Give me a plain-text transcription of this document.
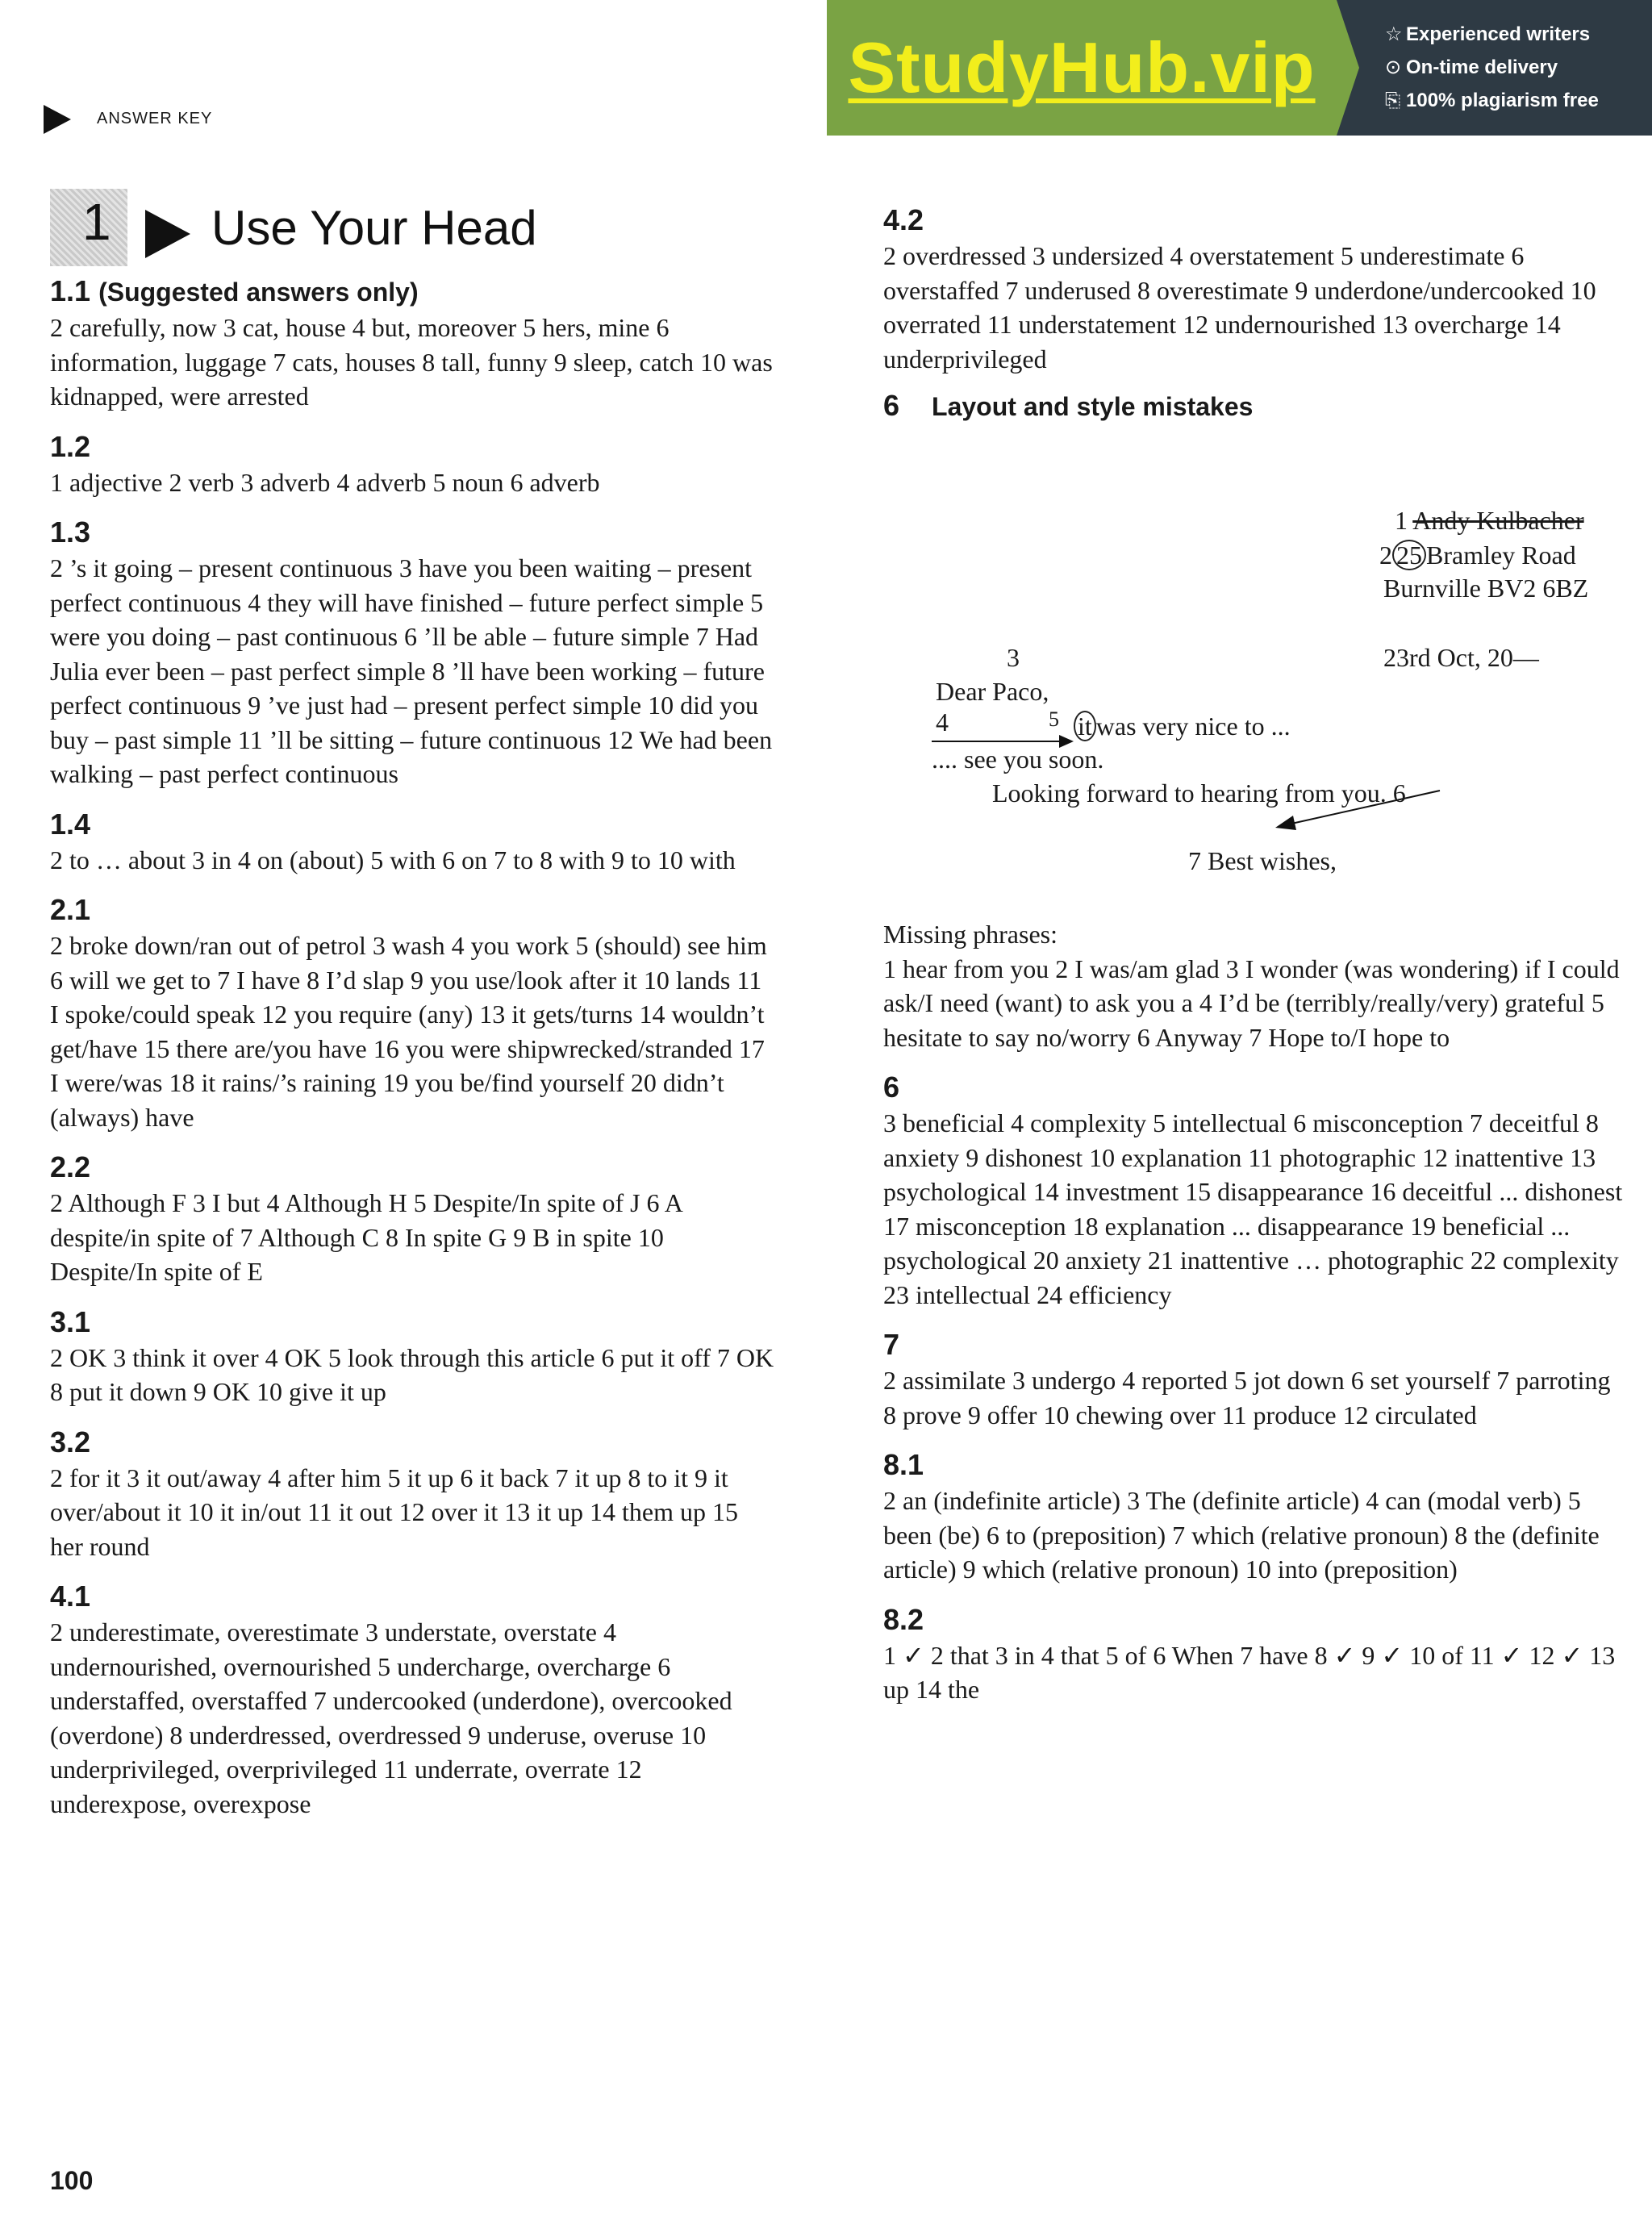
ANSWER KEY
StudyHub.vip	☆ Experienced writers
⊙ On-time delivery
⎘ 100% plagiarism free
1 Use Your Head

1.1 (Suggested answers only)

2 carefully, now 3 cat, house 4 but, moreover 5 hers, mine 6 information, luggage 7 cats, houses 8 tall, funny 9 sleep, catch 10 was kidnapped, were arrested

1.2

1 adjective 2 verb 3 adverb 4 adverb 5 noun 6 adverb

1.3

2 ’s it going – present continuous 3 have you been waiting – present perfect continuous 4 they will have finished – future perfect simple 5 were you doing – past continuous 6 ’ll be able – future simple 7 Had Julia ever been – past perfect simple 8 ’ll have been working – future perfect continuous 9 ’ve just had – present perfect simple 10 did you buy – past simple 11 ’ll be sitting – future continuous 12 We had been walking – past perfect continuous

1.4

2 to … about 3 in 4 on (about) 5 with 6 on 7 to 8 with 9 to 10 with

2.1

2 broke down/ran out of petrol 3 wash 4 you work 5 (should) see him 6 will we get to 7 I have 8 I’d slap 9 you use/look after it 10 lands 11 I spoke/could speak 12 you require (any) 13 it gets/turns 14 wouldn’t get/have 15 there are/you have 16 you were shipwrecked/stranded 17 I were/was 18 it rains/’s raining 19 you be/find yourself 20 didn’t (always) have

2.2

2 Although F 3 I but 4 Although H 5 Despite/In spite of J 6 A despite/in spite of 7 Although C 8 In spite G 9 B in spite 10 Despite/In spite of E

3.1

2 OK 3 think it over 4 OK 5 look through this article 6 put it off 7 OK 8 put it down 9 OK 10 give it up

3.2

2 for it 3 it out/away 4 after him 5 it up 6 it back 7 it up 8 to it 9 it over/about it 10 it in/out 11 it out 12 over it 13 it up 14 them up 15 her round

4.1

2 underestimate, overestimate 3 understate, overstate 4 undernourished, overnourished 5 undercharge, overcharge 6 understaffed, overstaffed 7 undercooked (underdone), overcooked (overdone) 8 underdressed, overdressed 9 underuse, overuse 10 underprivileged, overprivileged 11 underrate, overrate 12 underexpose, overexpose

4.2

2 overdressed 3 undersized 4 overstatement 5 underestimate 6 overstaffed 7 underused 8 overestimate 9 underdone/undercooked 10 overrated 11 understatement 12 undernourished 13 overcharge 14 underprivileged

6 Layout and style mistakes

1 Andy Kulbacher
2 25 Bramley Road
Burnville BV2 6BZ
3	23rd Oct, 20—
Dear Paco,
4	5 it was very nice to ...
.... see you soon.
Looking forward to hearing from you. 6
7 Best wishes,

Missing phrases:

1 hear from you 2 I was/am glad 3 I wonder (was wondering) if I could ask/I need (want) to ask you a 4 I’d be (terribly/really/very) grateful 5 hesitate to say no/worry 6 Anyway 7 Hope to/I hope to

6

3 beneficial 4 complexity 5 intellectual 6 misconception 7 deceitful 8 anxiety 9 dishonest 10 explanation 11 photographic 12 inattentive 13 psychological 14 investment 15 disappearance 16 deceitful ... dishonest 17 misconception 18 explanation ... disappearance 19 beneficial ... psychological 20 anxiety 21 inattentive … photographic 22 complexity 23 intellectual 24 efficiency

7

2 assimilate 3 undergo 4 reported 5 jot down 6 set yourself 7 parroting 8 prove 9 offer 10 chewing over 11 produce 12 circulated

8.1

2 an (indefinite article) 3 The (definite article) 4 can (modal verb) 5 been (be) 6 to (preposition) 7 which (relative pronoun) 8 the (definite article) 9 which (relative pronoun) 10 into (preposition)

8.2

1 ✓ 2 that 3 in 4 that 5 of 6 When 7 have 8 ✓ 9 ✓ 10 of 11 ✓ 12 ✓ 13 up 14 the

100
